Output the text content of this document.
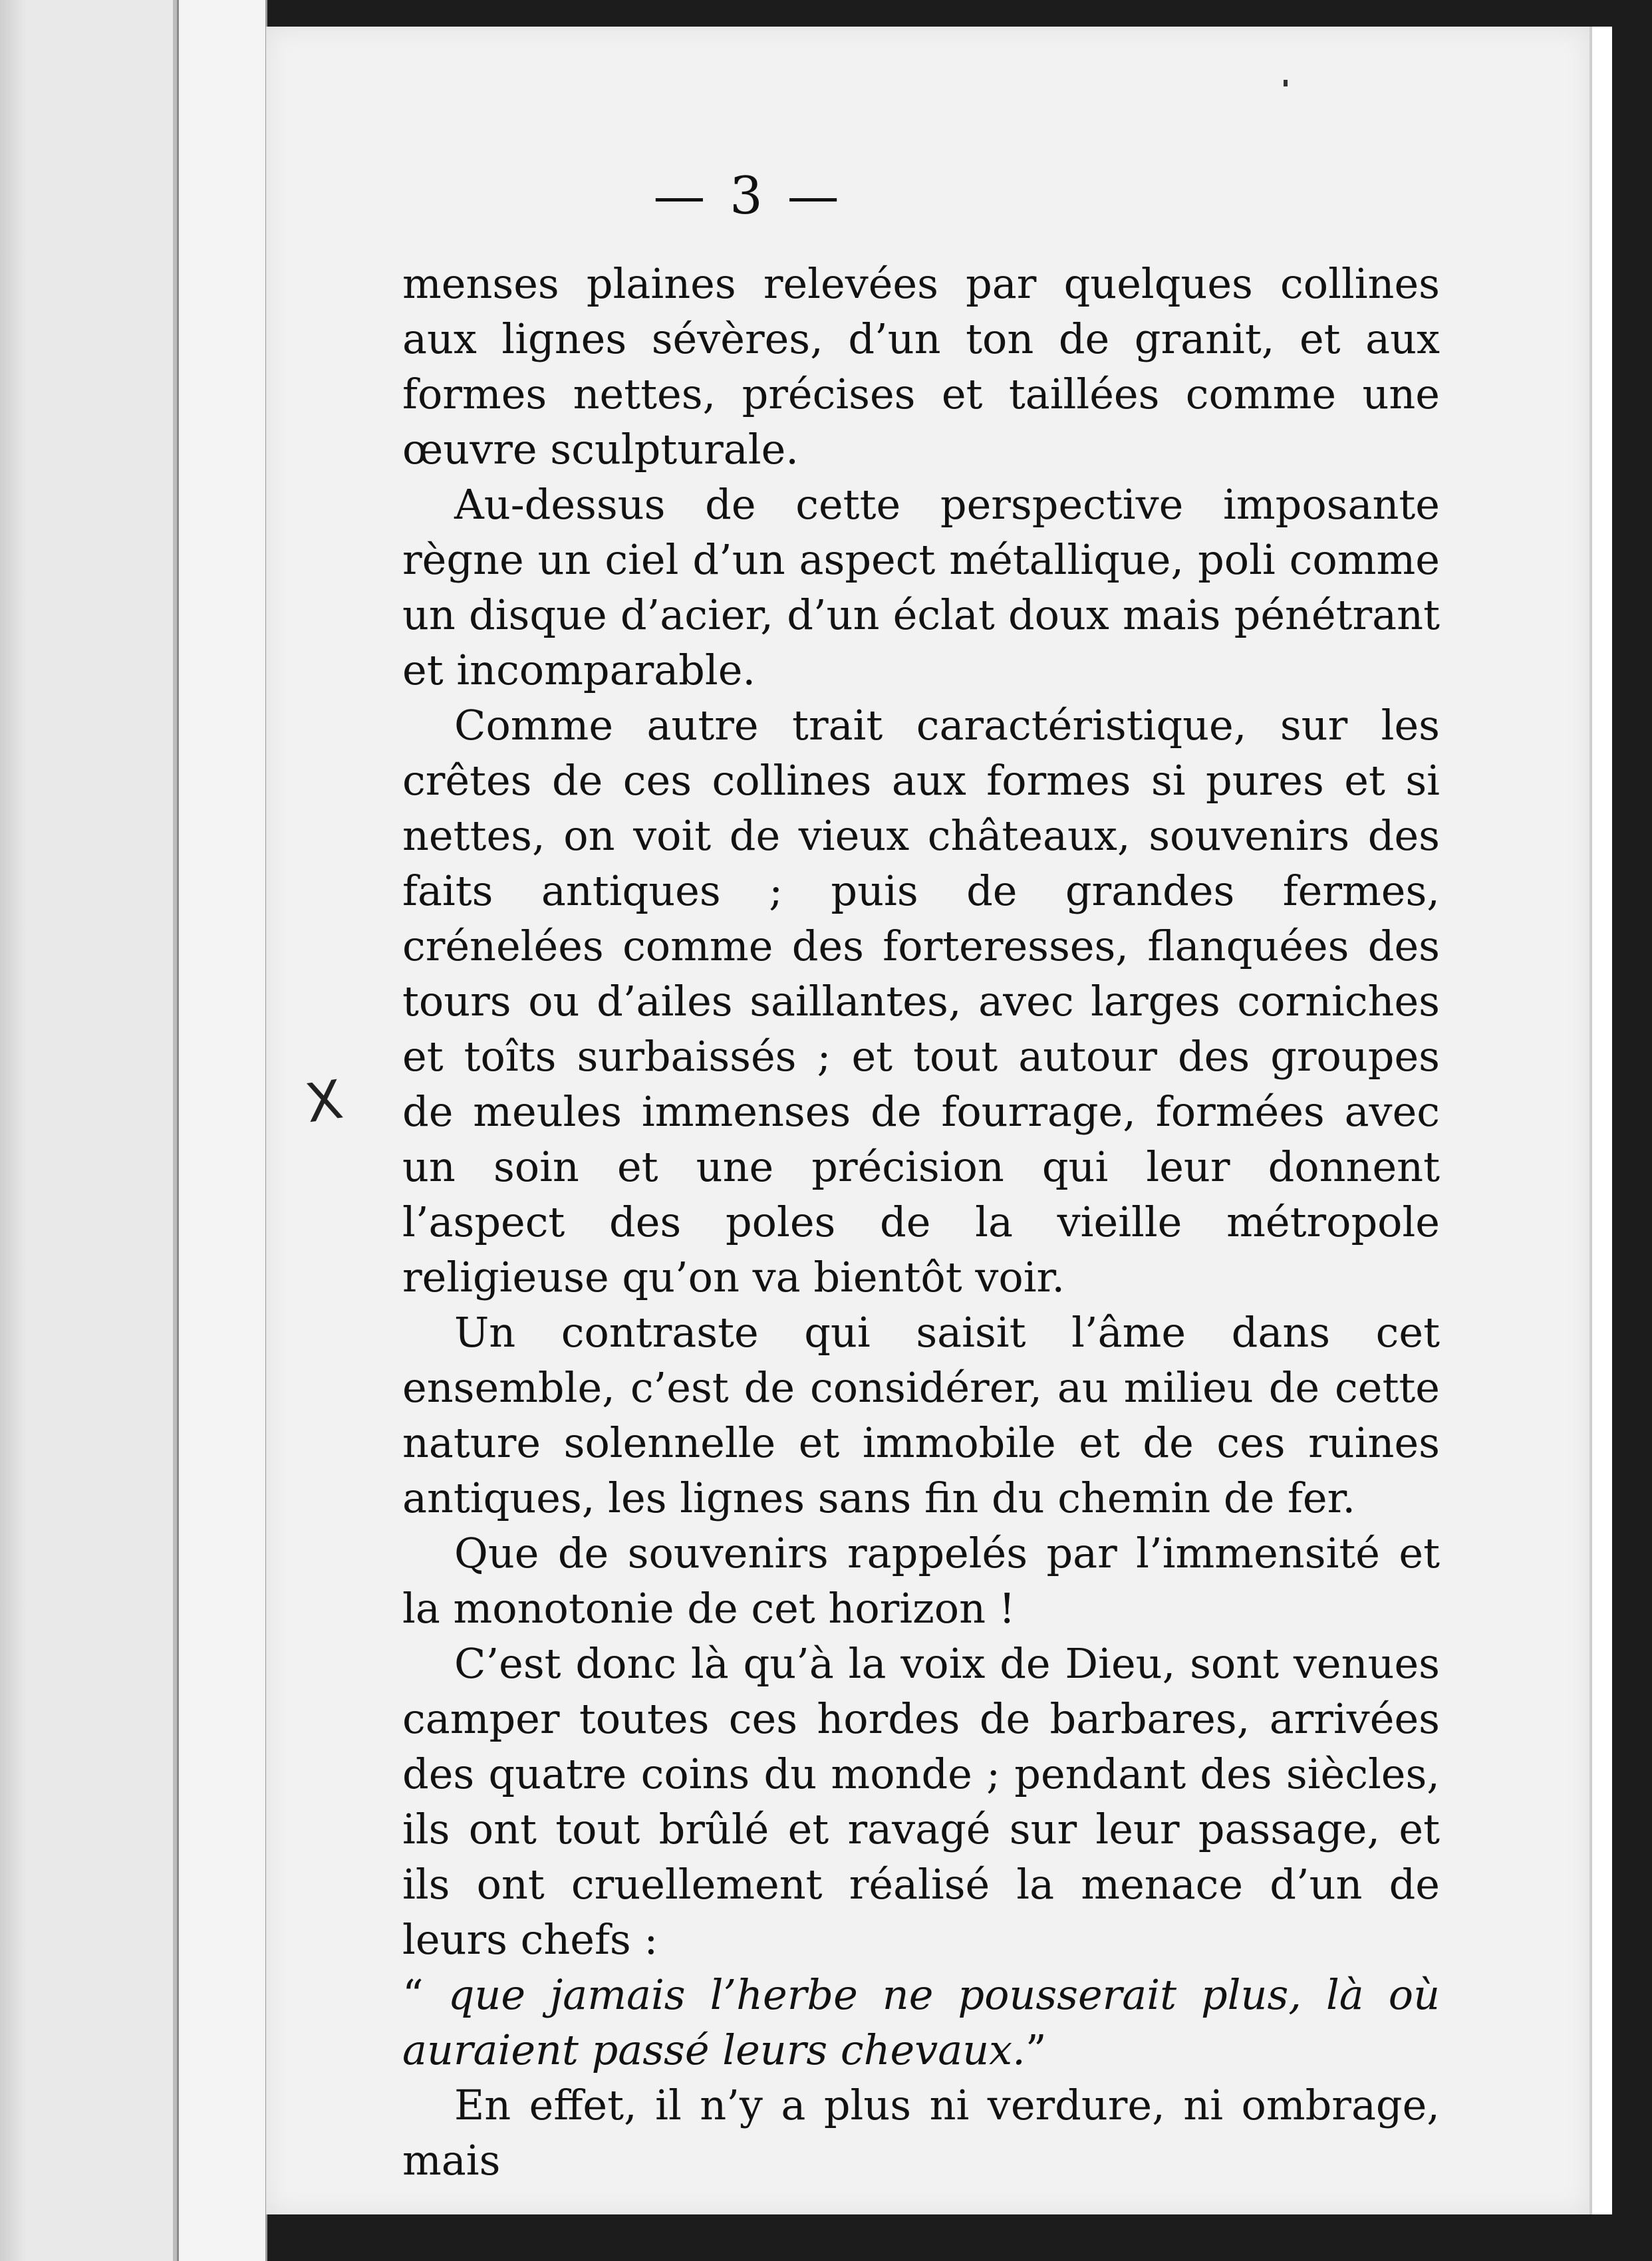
— 3 —
X

menses plaines relevées par quelques collines aux lignes sévères, d’un ton de granit, et aux formes nettes, précises et taillées comme une œuvre sculpturale.

Au-dessus de cette perspective imposante règne un ciel d’un aspect métallique, poli comme un disque d’acier, d’un éclat doux mais pénétrant et incomparable.

Comme autre trait caractéristique, sur les crêtes de ces collines aux formes si pures et si nettes, on voit de vieux châteaux, souvenirs des faits antiques ; puis de grandes fermes, crénelées comme des forteresses, flanquées des tours ou d’ailes saillantes, avec larges corniches et toîts surbaissés ; et tout autour des groupes de meules immenses de fourrage, formées avec un soin et une précision qui leur donnent l’aspect des poles de la vieille métropole religieuse qu’on va bientôt voir.

Un contraste qui saisit l’âme dans cet ensemble, c’est de considérer, au milieu de cette nature solennelle et immobile et de ces ruines antiques, les lignes sans fin du chemin de fer.

Que de souvenirs rappelés par l’immensité et la monotonie de cet horizon !

C’est donc là qu’à la voix de Dieu, sont venues camper toutes ces hordes de barbares, arrivées des quatre coins du monde ; pendant des siècles, ils ont tout brûlé et ravagé sur leur passage, et ils ont cruellement réalisé la menace d’un de leurs chefs :

“ que jamais l’herbe ne pousserait plus, là où auraient passé leurs chevaux.”

En effet, il n’y a plus ni verdure, ni ombrage, mais
